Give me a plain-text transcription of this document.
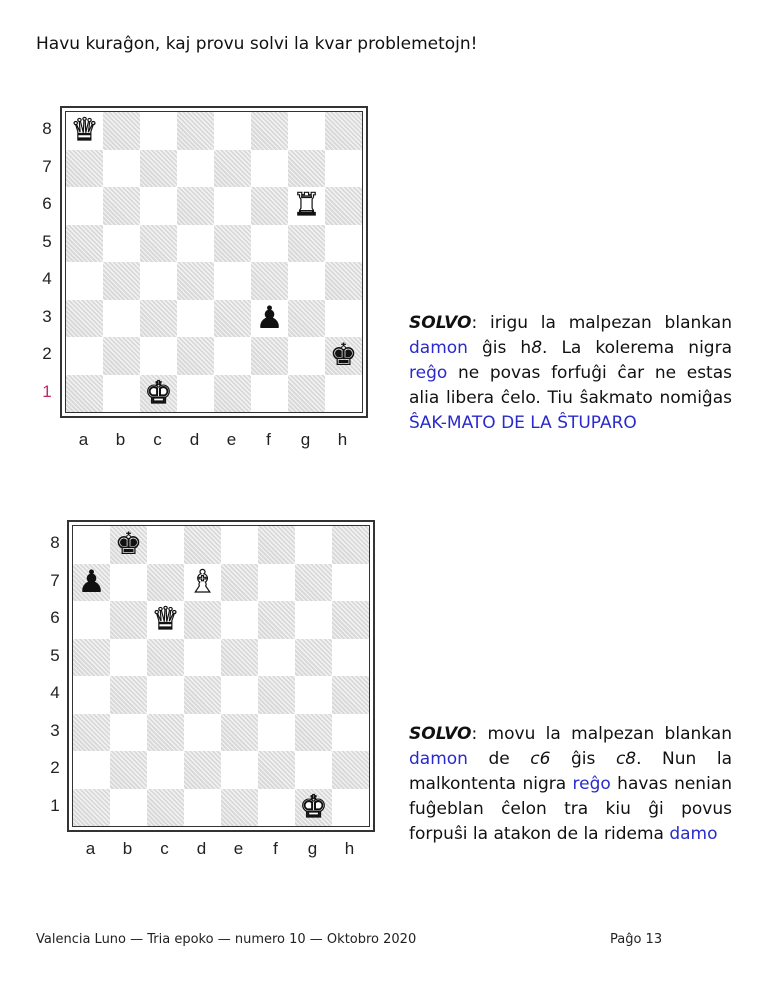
Havu kuraĝon, kaj provu solvi la kvar problemetojn!
♛
♜
♟
♚
♚
8
7
6
5
4
3
2
1
a	b	c	d	e	f	g	h
SOLVO: irigu la malpezan blankan damon ĝis h8. La kolerema nigra reĝo ne povas forfuĝi ĉar ne estas alia libera ĉelo. Tiu ŝakmato nomiĝas ŜAK-MATO DE LA ŜTUPARO
♚
♟	♝
♛
♚
8
7
6
5
4
3
2
1
a	b	c	d	e	f	g	h
SOLVO: movu la malpezan blankan damon de c6 ĝis c8. Nun la malkontenta nigra reĝo havas nenian fuĝeblan ĉelon tra kiu ĝi povus forpuŝi la atakon de la ridema damo
Valencia Luno — Tria epoko — numero 10 — Oktobro 2020	Paĝo 13
